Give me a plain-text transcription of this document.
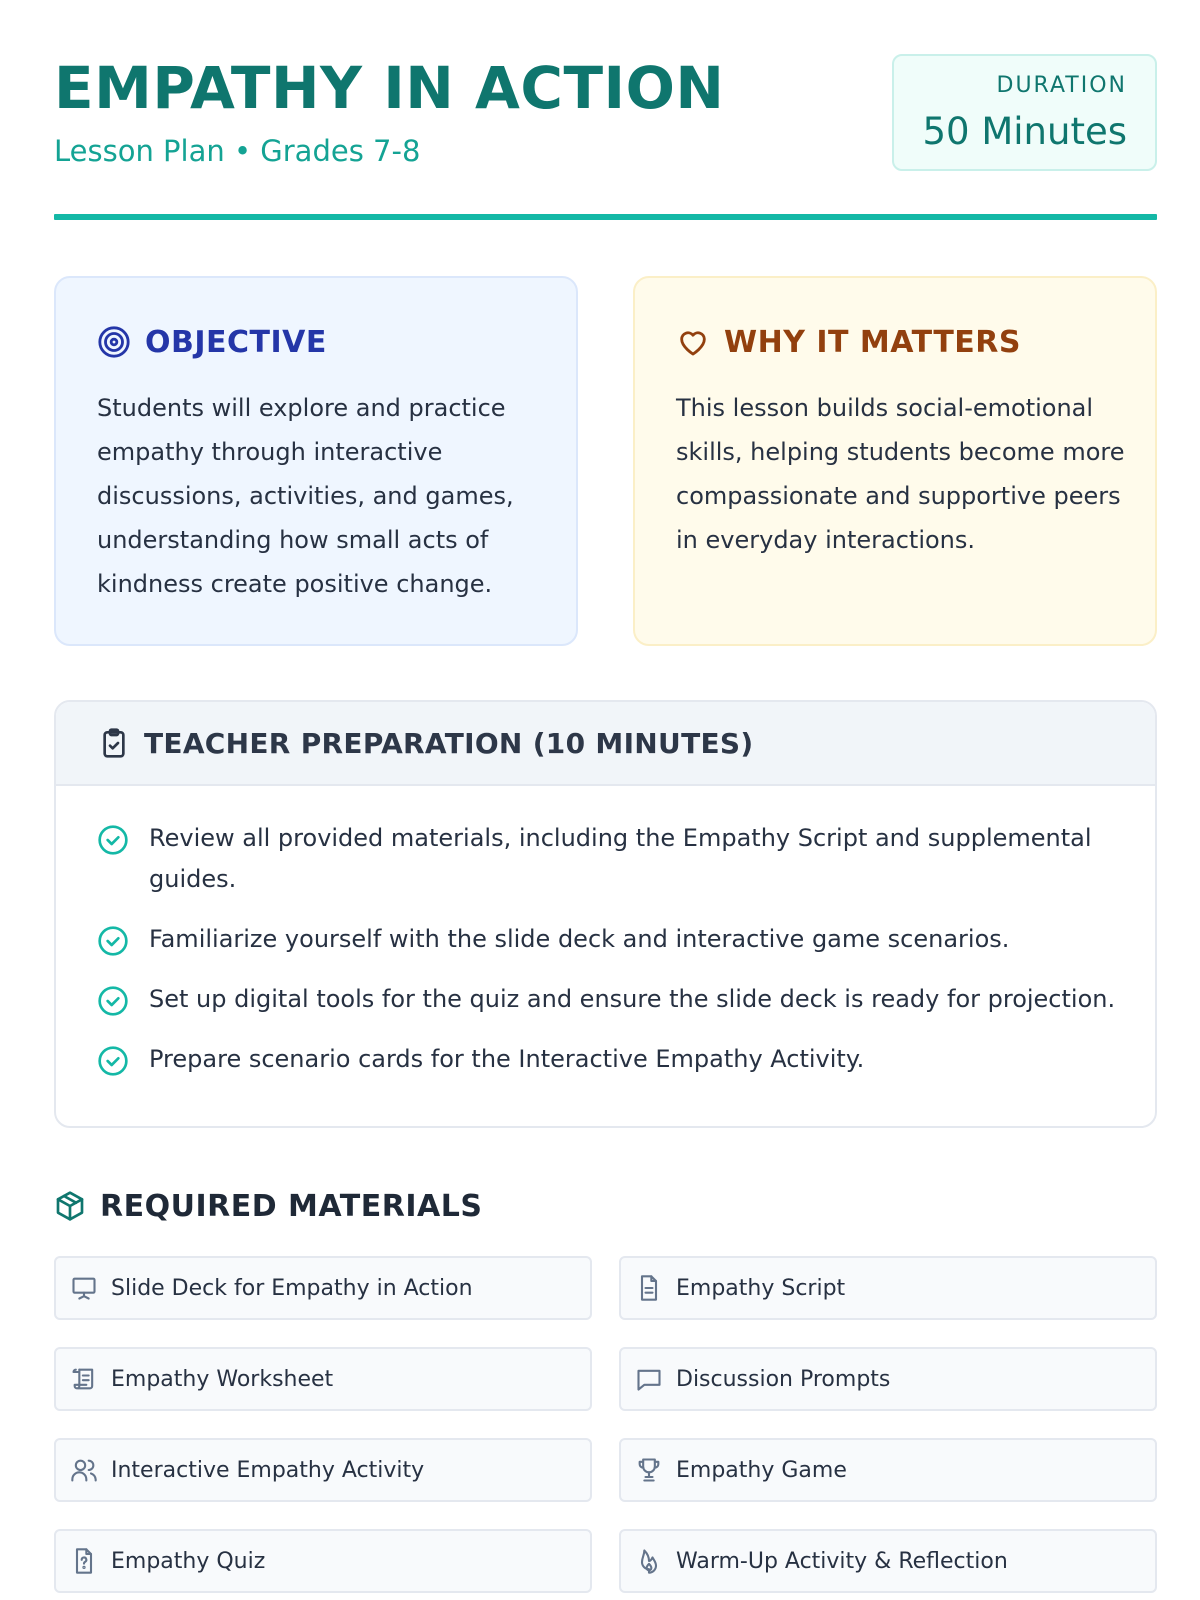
EMPATHY IN ACTION
Lesson Plan • Grades 7-8
DURATION
50 Minutes
OBJECTIVE
Students will explore and practice empathy through interactive discussions, activities, and games, understanding how small acts of kindness create positive change.
WHY IT MATTERS
This lesson builds social-emotional skills, helping students become more compassionate and supportive peers in everyday interactions.
TEACHER PREPARATION (10 MINUTES)
Review all provided materials, including the Empathy Script and supplemental guides.
Familiarize yourself with the slide deck and interactive game scenarios.
Set up digital tools for the quiz and ensure the slide deck is ready for projection.
Prepare scenario cards for the Interactive Empathy Activity.
REQUIRED MATERIALS
Slide Deck for Empathy in Action	Empathy Script
Empathy Worksheet	Discussion Prompts
Interactive Empathy Activity	Empathy Game
Empathy Quiz	Warm-Up Activity & Reflection
